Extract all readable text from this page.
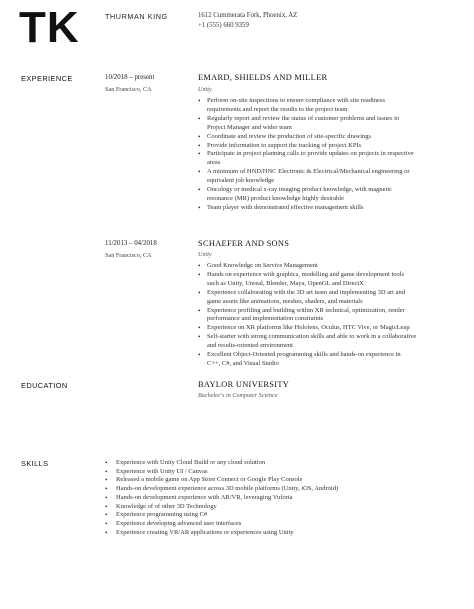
TK	THURMAN KING	1612 Cummerata Fork, Phoenix, AZ
+1 (555) 660 9359
EXPERIENCE	10/2018 – present
San Francisco, CA
EMARD, SHIELDS AND MILLER
Unity
• Perform on-site inspections to ensure compliance with site readiness
requirements and report the results to the project team
• Regularly report and review the status of customer problems and issues to
Project Manager and wider team
• Coordinate and review the production of site-specific drawings
• Provide information to support the tracking of project KPIs
• Participate in project planning calls to provide updates on projects in respective
areas
• A minimum of HND/HNC Electronic & Electrical/Mechanical engineering or
equivalent job knowledge
• Oncology or medical x-ray imaging product knowledge, with magnetic
resonance (MR) product knowledge highly desirable
• Team player with demonstrated effective management skills
11/2013 – 04/2018
San Francisco, CA
SCHAEFER AND SONS
Unity
• Good Knowledge on Service Management
• Hands on experience with graphics, modelling and game development tools
such as Unity, Unreal, Blender, Maya, OpenGL and DirectX
• Experience collaborating with the 3D art team and implementing 3D art and
game assets like animations, meshes, shaders, and materials
• Experience profiling and building within XR technical, optimization, render
performance and implementation constraints
• Experience on XR platforms like Hololens, Oculus, HTC Vive, or MagicLeap
• Self-starter with strong communication skills and able to work in a collaborative
and results-oriented environment
• Excellent Object-Oriented programming skills and hands-on experience in
C++, C#, and Visual Studio
EDUCATION	BAYLOR UNIVERSITY
Bachelor's in Computer Science
SKILLS
•	Experience with Unity Cloud Build or any cloud solution
• Experience with Unity UI / Canvas
• Released a mobile game on App Store Connect or Google Play Console
• Hands-on development experience across 3D mobile platforms (Unity, iOS, Android)
• Hands-on development experience with AR/VR, leveraging Vuforia
• Knowledge of of other 3D Technology
• Experience programming using C#
• Experience developing advanced user interfaces
• Experience creating VR/AR applications or experiences using Unity
